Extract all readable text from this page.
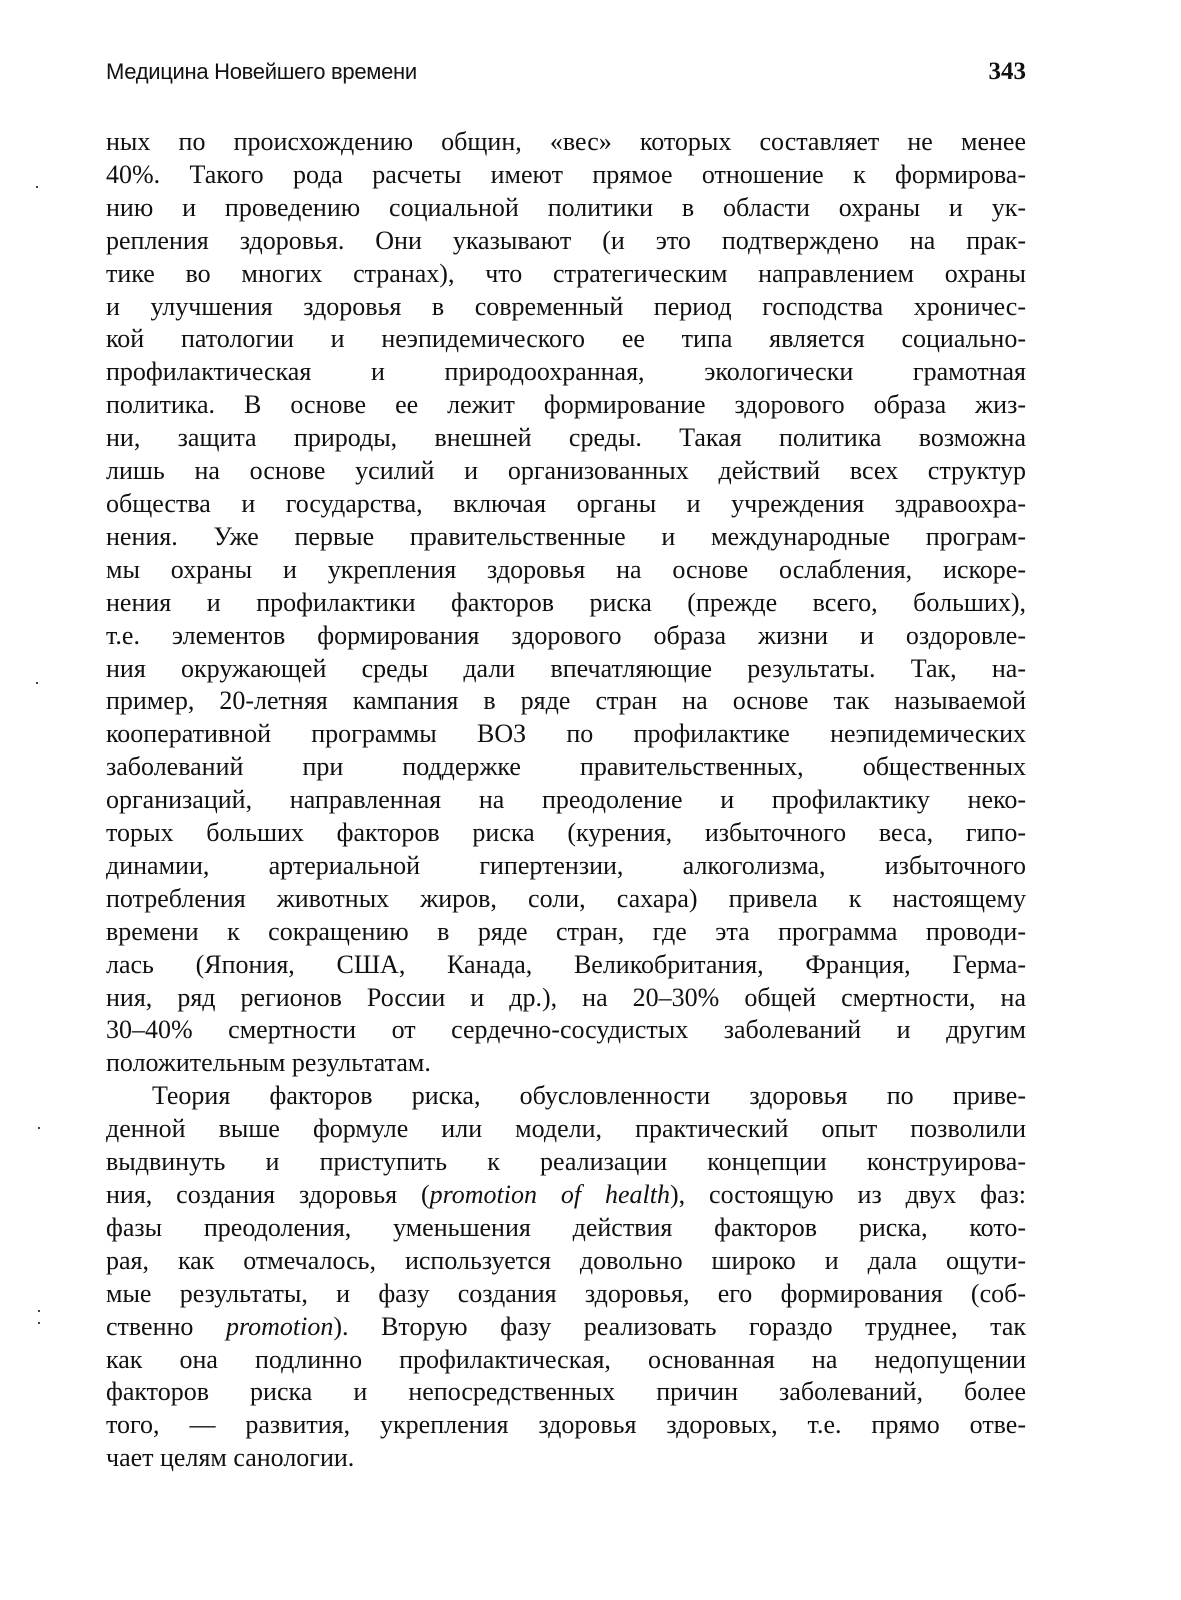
Медицина Новейшего времени	343

ных по происхождению общин, «вес» которых составляет не менее
40%. Такого рода расчеты имеют прямое отношение к формирова-
нию и проведению социальной политики в области охраны и ук-
репления здоровья. Они указывают (и это подтверждено на прак-
тике во многих странах), что стратегическим направлением охраны
и улучшения здоровья в современный период господства хроничес-
кой патологии и неэпидемического ее типа является социально-
профилактическая и природоохранная, экологически грамотная
политика. В основе ее лежит формирование здорового образа жиз-
ни, защита природы, внешней среды. Такая политика возможна
лишь на основе усилий и организованных действий всех структур
общества и государства, включая органы и учреждения здравоохра-
нения. Уже первые правительственные и международные програм-
мы охраны и укрепления здоровья на основе ослабления, искоре-
нения и профилактики факторов риска (прежде всего, больших),
т.е. элементов формирования здорового образа жизни и оздоровле-
ния окружающей среды дали впечатляющие результаты. Так, на-
пример, 20-летняя кампания в ряде стран на основе так называемой
кооперативной программы ВОЗ по профилактике неэпидемических
заболеваний при поддержке правительственных, общественных
организаций, направленная на преодоление и профилактику неко-
торых больших факторов риска (курения, избыточного веса, гипо-
динамии, артериальной гипертензии, алкоголизма, избыточного
потребления животных жиров, соли, сахара) привела к настоящему
времени к сокращению в ряде стран, где эта программа проводи-
лась (Япония, США, Канада, Великобритания, Франция, Герма-
ния, ряд регионов России и др.), на 20–30% общей смертности, на
30–40% смертности от сердечно-сосудистых заболеваний и другим
положительным результатам.

Теория факторов риска, обусловленности здоровья по приве-
денной выше формуле или модели, практический опыт позволили
выдвинуть и приступить к реализации концепции конструирова-
ния, создания здоровья (promotion of health), состоящую из двух фаз:
фазы преодоления, уменьшения действия факторов риска, кото-
рая, как отмечалось, используется довольно широко и дала ощути-
мые результаты, и фазу создания здоровья, его формирования (соб-
ственно promotion). Вторую фазу реализовать гораздо труднее, так
как она подлинно профилактическая, основанная на недопущении
факторов риска и непосредственных причин заболеваний, более
того, — развития, укрепления здоровья здоровых, т.е. прямо отве-
чает целям санологии.
